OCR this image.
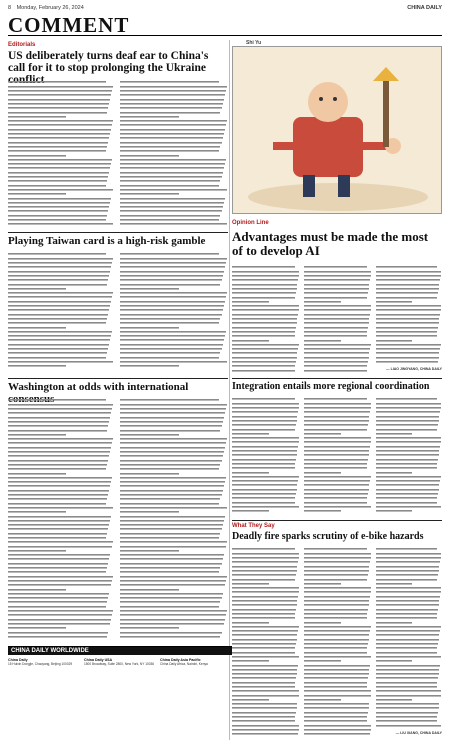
8 Monday, February 26, 2024	CHINA DAILY
COMMENT
Editorials
US deliberately turns deaf ear to China's call for it to stop prolonging the Ukraine
Playing Taiwan card is a high-risk gamble
Washington at odds with international
Shi Yu
Opinion Line
Advantages must be made the most of to develop AI
— LIAO JINGYANG, CHINA DAILY
Integration entails more regional coordination
What They Say
Deadly fire sparks scrutiny of e-bike hazards
— LIU XIANG, CHINA DAILY
CHINA DAILY WORLDWIDE
China Daily
15 Huixin Dongjie, Chaoyang, Beijing 100029
China Daily USA
1500 Broadway, Suite 2800, New York, NY 10036
China Daily Asia Pacific
China Daily Africa, Nairobi, Kenya
